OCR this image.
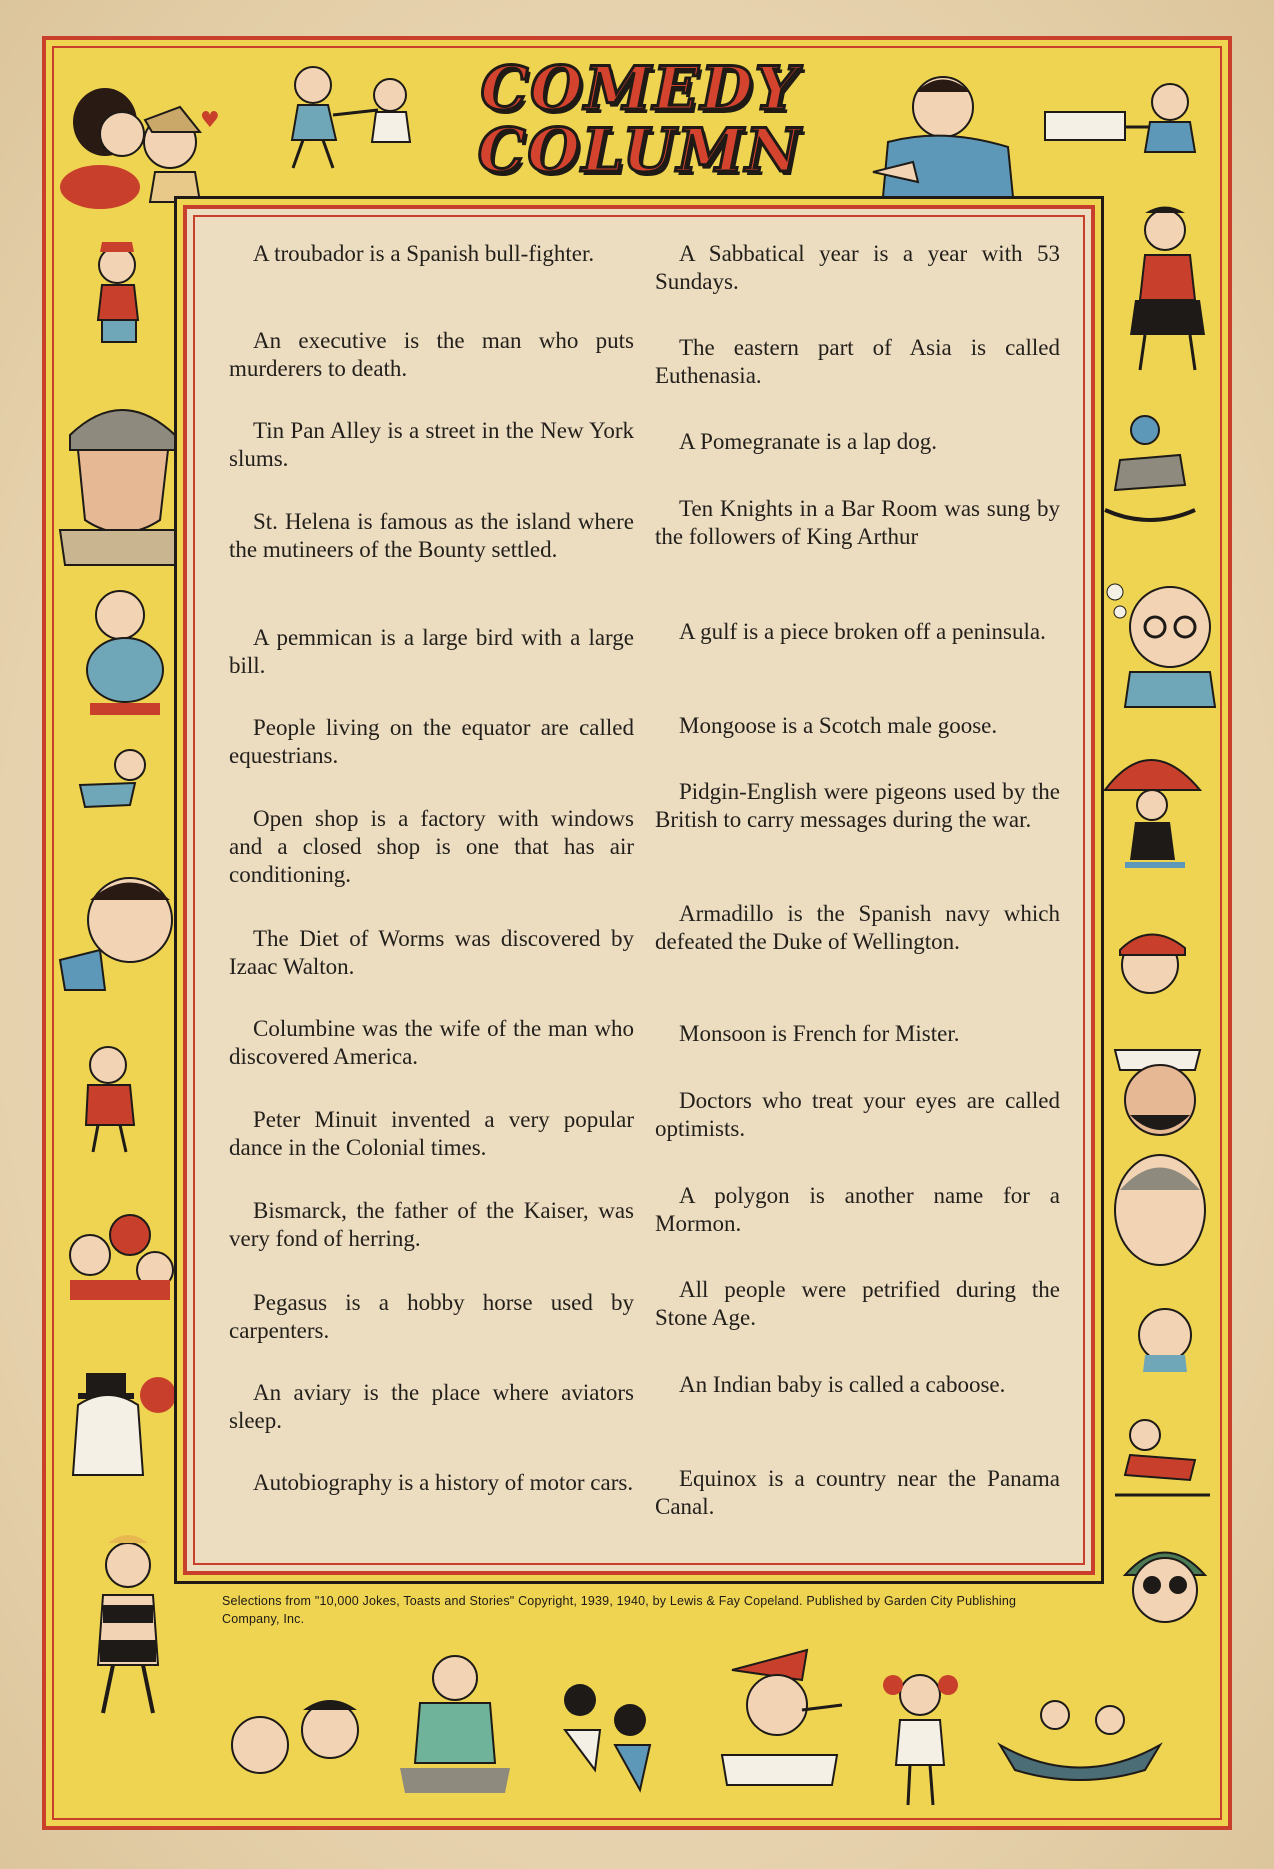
COMEDY
COLUMN
♥

A troubador is a Spanish bull-fighter.

An executive is the man who puts murderers to death.

Tin Pan Alley is a street in the New York slums.

St. Helena is famous as the island where the mutineers of the Bounty settled.

A pemmican is a large bird with a large bill.

People living on the equator are called equestrians.

Open shop is a factory with windows and a closed shop is one that has air conditioning.

The Diet of Worms was discovered by Izaac Walton.

Columbine was the wife of the man who discovered America.

Peter Minuit invented a very popular dance in the Colonial times.

Bismarck, the father of the Kaiser, was very fond of herring.

Pegasus is a hobby horse used by carpenters.

An aviary is the place where aviators sleep.

Autobiography is a history of motor cars.

A Sabbatical year is a year with 53 Sundays.

The eastern part of Asia is called Euthenasia.

A Pomegranate is a lap dog.

Ten Knights in a Bar Room was sung by the followers of King Arthur

A gulf is a piece broken off a peninsula.

Mongoose is a Scotch male goose.

Pidgin-English were pigeons used by the British to carry messages during the war.

Armadillo is the Spanish navy which defeated the Duke of Wellington.

Monsoon is French for Mister.

Doctors who treat your eyes are called optimists.

A polygon is another name for a Mormon.

All people were petrified during the Stone Age.

An Indian baby is called a caboose.

Equinox is a country near the Panama Canal.

Selections from "10,000 Jokes, Toasts and Stories" Copyright, 1939, 1940, by Lewis & Fay Copeland. Published by Garden City Publishing Company, Inc.
